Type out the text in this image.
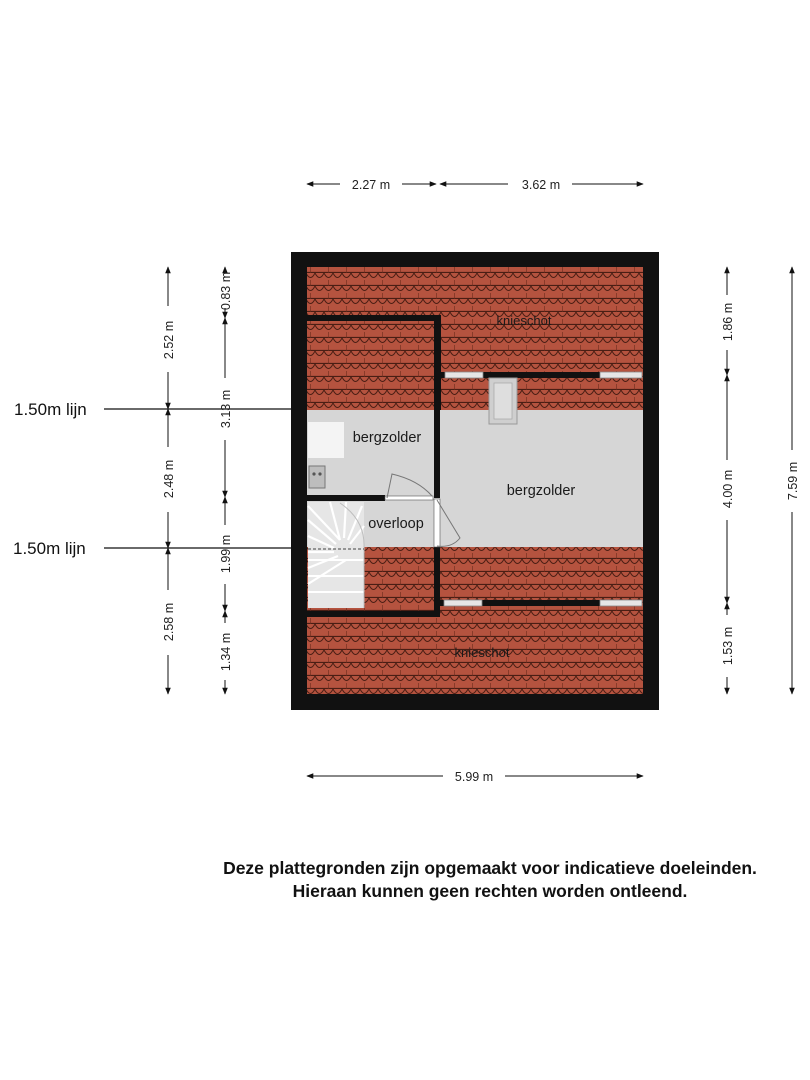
bergzolder
bergzolder
overloop
knieschot
knieschot
1.50m lijn
1.50m lijn
2.27 m	3.62 m
5.99 m
2.52 m
2.48 m
2.58 m
0.83 m
3.13 m
1.99 m
1.34 m
1.86 m
4.00 m
1.53 m
7.59 m
Deze plattegronden zijn opgemaakt voor indicatieve doeleinden.
Hieraan kunnen geen rechten worden ontleend.
